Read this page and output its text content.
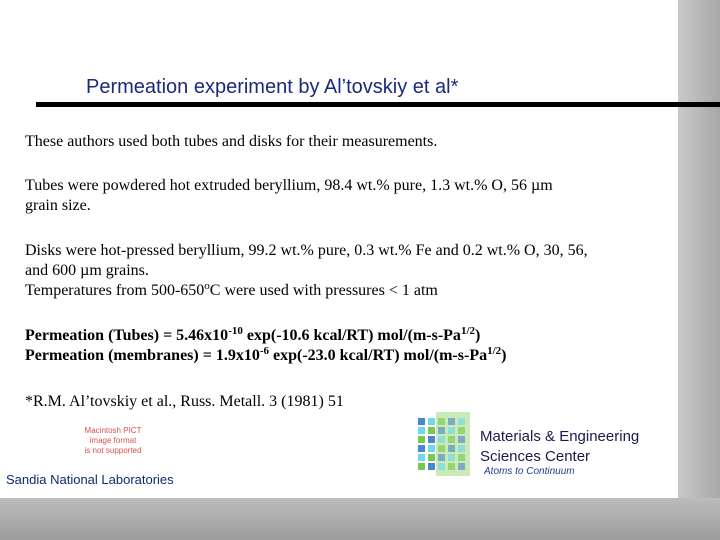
Permeation experiment by Al’tovskiy et al*
These authors used both tubes and disks for their measurements.
Tubes were powdered hot extruded beryllium, 98.4 wt.% pure, 1.3 wt.% O, 56 µm
grain size.
Disks were hot-pressed beryllium, 99.2 wt.% pure, 0.3 wt.% Fe and 0.2 wt.% O, 30, 56,
and 600 µm grains.
Temperatures from 500-650$^o$C were used with pressures < 1 atm
Permeation (Tubes) = $5.46x10^{-10}$ exp(-10.6 kcal/RT) mol/$(m-s-Pa^{1/2})$
Permeation (membranes) = $1.9x10^{-6}$ exp(-23.0 kcal/RT) mol/$(m-s-Pa^{1/2})$
*R.M. Al’tovskiy et al., Russ. Metall. 3 (1981) 51
Macintosh PICT
image format
is not supported
Sandia National Laboratories
Materials & Engineering
Sciences Center
Atoms to Continuum
